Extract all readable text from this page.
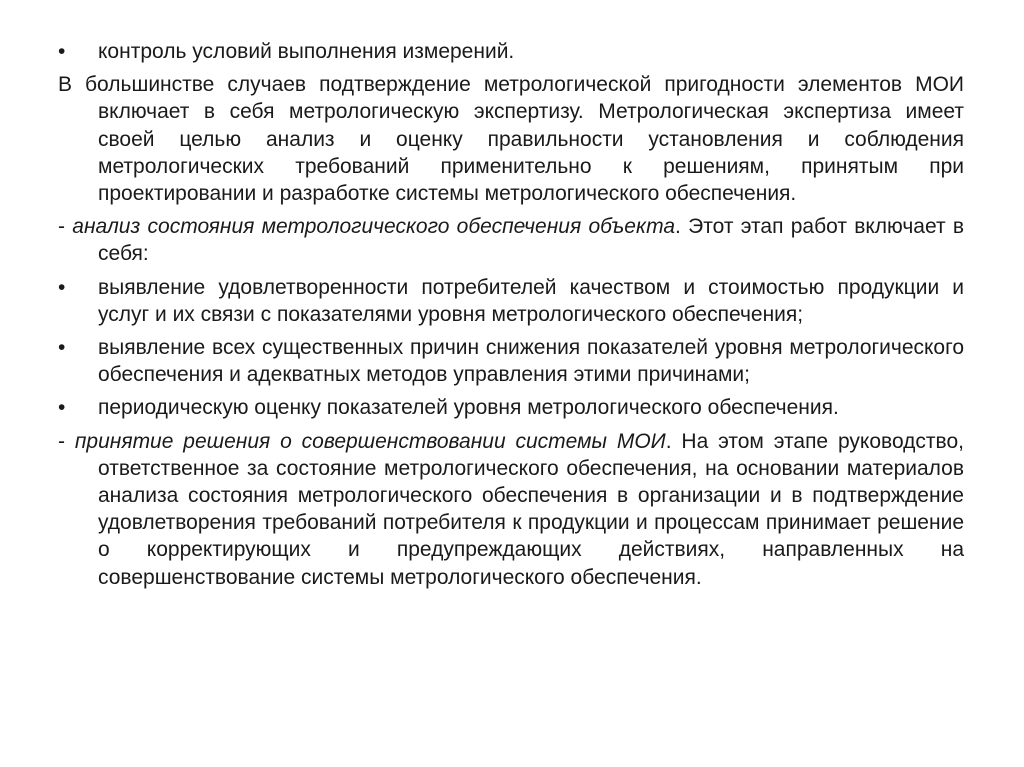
•	контроль условий выполнения измерений.

В большинстве случаев подтверждение метрологической пригодности элементов МОИ включает в себя метрологическую экспертизу. Метрологическая экспертиза имеет своей целью анализ и оценку правильности установления и соблюдения метрологических требований применительно к решениям, принятым при проектировании и разработке системы метрологического обеспечения.

- анализ состояния метрологического обеспечения объекта. Этот этап работ включает в себя:

•	выявление удовлетворенности потребителей качеством и стоимостью продукции и услуг и их связи с показателями уровня метрологического обеспечения;
•	выявление всех существенных причин снижения показателей уровня метрологического обеспечения и адекватных методов управления этими причинами;
•	периодическую оценку показателей уровня метрологического обеспечения.

- принятие решения о совершенствовании системы МОИ. На этом этапе руководство, ответственное за состояние метрологического обеспечения, на основании материалов анализа состояния метрологического обеспечения в организации и в подтверждение удовлетворения требований потребителя к продукции и процессам принимает решение о корректирующих и предупреждающих действиях, направленных на совершенствование системы метрологического обеспечения.
